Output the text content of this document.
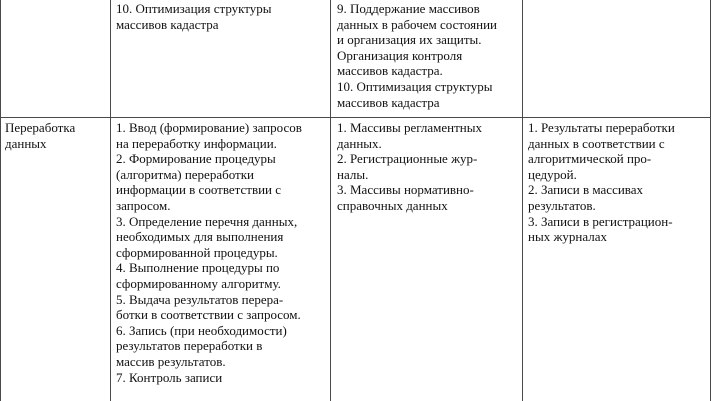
10. Оптимизация структуры
массивов кадастра
9. Поддержание массивов
данных в рабочем состоянии
и организация их защиты.
Организация контроля
массивов кадастра.
10. Оптимизация структуры
массивов кадастра
Переработка
данных
1. Ввод (формирование) запросов
на переработку информации.
2. Формирование процедуры
(алгоритма) переработки
информации в соответствии с
запросом.
3. Определение перечня данных,
необходимых для выполнения
сформированной процедуры.
4. Выполнение процедуры по
сформированному алгоритму.
5. Выдача результатов перера-
ботки в соответствии с запросом.
6. Запись (при необходимости)
результатов переработки в
массив результатов.
7. Контроль записи
1. Массивы регламентных
данных.
2. Регистрационные жур-
налы.
3. Массивы нормативно-
справочных данных
1. Результаты переработки
данных в соответствии с
алгоритмической про-
цедурой.
2. Записи в массивах
результатов.
3. Записи в регистрацион-
ных журналах
